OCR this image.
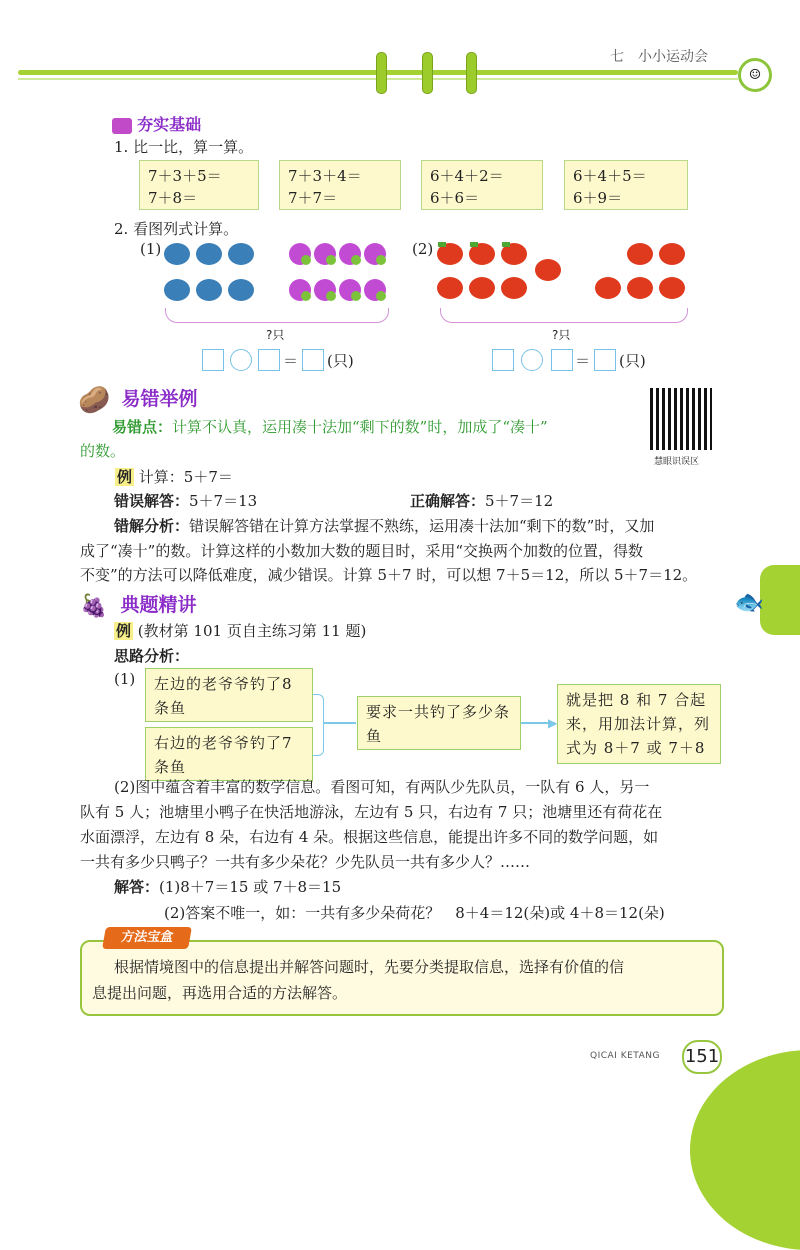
七　小小运动会
☺
夯实基础
1. 比一比，算一算。
7＋3＋5＝
7＋8＝
7＋3＋4＝
7＋7＝
6＋4＋2＝
6＋6＝
6＋4＋5＝
6＋9＝
2. 看图列式计算。
(1)
?只
＝ (只)
(2)
?只
＝ (只)
🥔 易错举例
易错点：计算不认真，运用凑十法加“剩下的数”时，加成了“凑十”
的数。
慧眼识误区
例 计算：5＋7＝
错误解答：5＋7＝13	正确解答：5＋7＝12
错解分析：错误解答错在计算方法掌握不熟练，运用凑十法加“剩下的数”时，又加
成了“凑十”的数。计算这样的小数加大数的题目时，采用“交换两个加数的位置，得数
不变”的方法可以降低难度，减少错误。计算 5＋7 时，可以想 7＋5＝12，所以 5＋7＝12。
🍇 典题精讲
例 (教材第 101 页自主练习第 11 题)
思路分析：
(1)	左边的老爷爷钓了8条鱼
右边的老爷爷钓了7条鱼
要求一共钓了多少条鱼
▶
就是把 8 和 7 合起来，用加法计算，列式为 8＋7 或 7＋8
(2)图中蕴含着丰富的数学信息。看图可知，有两队少先队员，一队有 6 人，另一
队有 5 人；池塘里小鸭子在快活地游泳，左边有 5 只，右边有 7 只；池塘里还有荷花在
水面漂浮，左边有 8 朵，右边有 4 朵。根据这些信息，能提出许多不同的数学问题，如
一共有多少只鸭子？一共有多少朵花？少先队员一共有多少人？……
解答：(1)8＋7＝15 或 7＋8＝15
(2)答案不唯一，如：一共有多少朵荷花？　8＋4＝12(朵)或 4＋8＝12(朵)
方法宝盒
根据情境图中的信息提出并解答问题时，先要分类提取信息，选择有价值的信
息提出问题，再选用合适的方法解答。
🐟
QICAI KETANG 151
